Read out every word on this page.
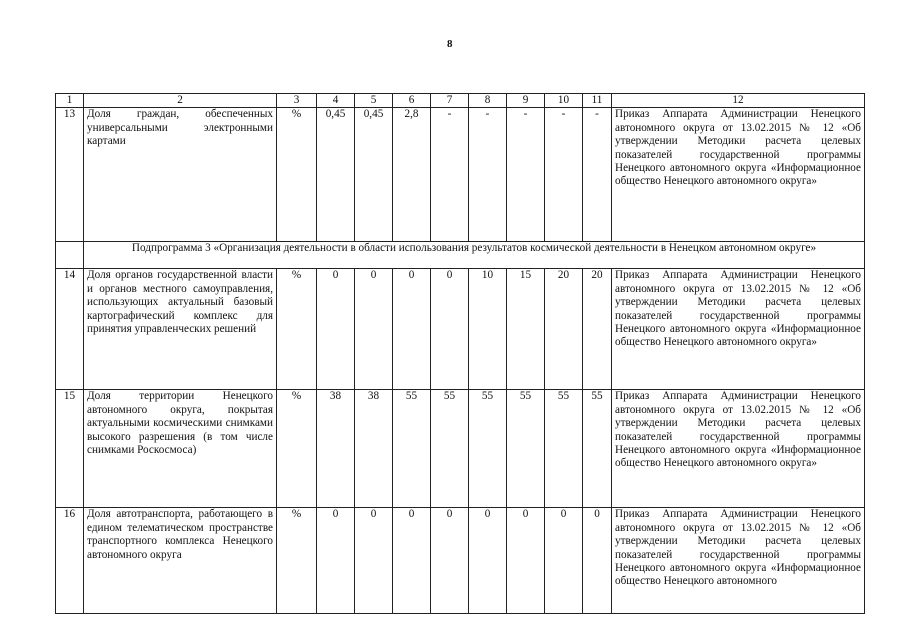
8
1	2	3	4	5	6	7	8	9	10	11	12
13	Доля граждан, обеспеченных универсальными электронными картами	%	0,45	0,45	2,8	-	-	-	-	-	Приказ Аппарата Администрации Ненецкого автономного округа от 13.02.2015 № 12 «Об утверждении Методики расчета целевых показателей государственной программы Ненецкого автономного округа «Информационное общество Ненецкого автономного округа»
	Подпрограмма 3 «Организация деятельности в области использования результатов космической деятельности в Ненецком автономном округе»										
14	Доля органов государственной власти и органов местного самоуправления, использующих актуальный базовый картографический комплекс для принятия управленческих решений	%	0	0	0	0	10	15	20	20	Приказ Аппарата Администрации Ненецкого автономного округа от 13.02.2015 № 12 «Об утверждении Методики расчета целевых показателей государственной программы Ненецкого автономного округа «Информационное общество Ненецкого автономного округа»
15	Доля территории Ненецкого автономного округа, покрытая актуальными космическими снимками высокого разрешения (в том числе снимками Роскосмоса)	%	38	38	55	55	55	55	55	55	Приказ Аппарата Администрации Ненецкого автономного округа от 13.02.2015 № 12 «Об утверждении Методики расчета целевых показателей государственной программы Ненецкого автономного округа «Информационное общество Ненецкого автономного округа»
16	Доля автотранспорта, работающего в едином телематическом пространстве транспортного комплекса Ненецкого автономного округа	%	0	0	0	0	0	0	0	0	Приказ Аппарата Администрации Ненецкого автономного округа от 13.02.2015 № 12 «Об утверждении Методики расчета целевых показателей государственной программы Ненецкого автономного округа «Информационное общество Ненецкого автономного
